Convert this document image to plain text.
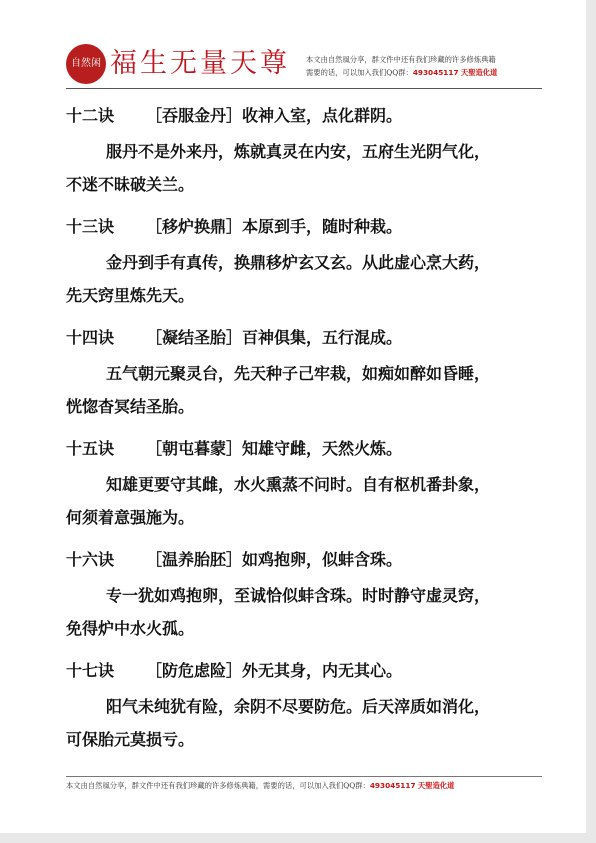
自然闲 福生无量天尊	本文由自然風分享，群文件中还有我们珍藏的许多修炼典籍
需要的话，可以加入我们QQ群：493045117 天聖造化道
十二诀 ［吞服金丹］收神入室，点化群阴。
服丹不是外来丹，炼就真灵在内安，五府生光阴气化，
不迷不昧破关兰。
十三诀 ［移炉换鼎］本原到手，随时种栽。
金丹到手有真传，换鼎移炉玄又玄。从此虚心烹大药，
先天窍里炼先天。
十四诀 ［凝结圣胎］百神俱集，五行混成。
五气朝元聚灵台，先天种子己牢栽，如痴如醉如昏睡，
恍惚杳冥结圣胎。
十五诀 ［朝屯暮蒙］知雄守雌，天然火炼。
知雄更要守其雌，水火熏蒸不问时。自有枢机番卦象，
何须着意强施为。
十六诀 ［温养胎胚］如鸡抱卵，似蚌含珠。
专一犹如鸡抱卵，至诚恰似蚌含珠。时时静守虚灵窍，
免得炉中水火孤。
十七诀 ［防危虑险］外无其身，内无其心。
阳气未纯犹有险，余阴不尽要防危。后天滓质如消化，
可保胎元莫损亏。
本文由自然風分享，群文件中还有我们珍藏的许多修炼典籍，需要的话，可以加入我们QQ群：493045117 天聖造化道
